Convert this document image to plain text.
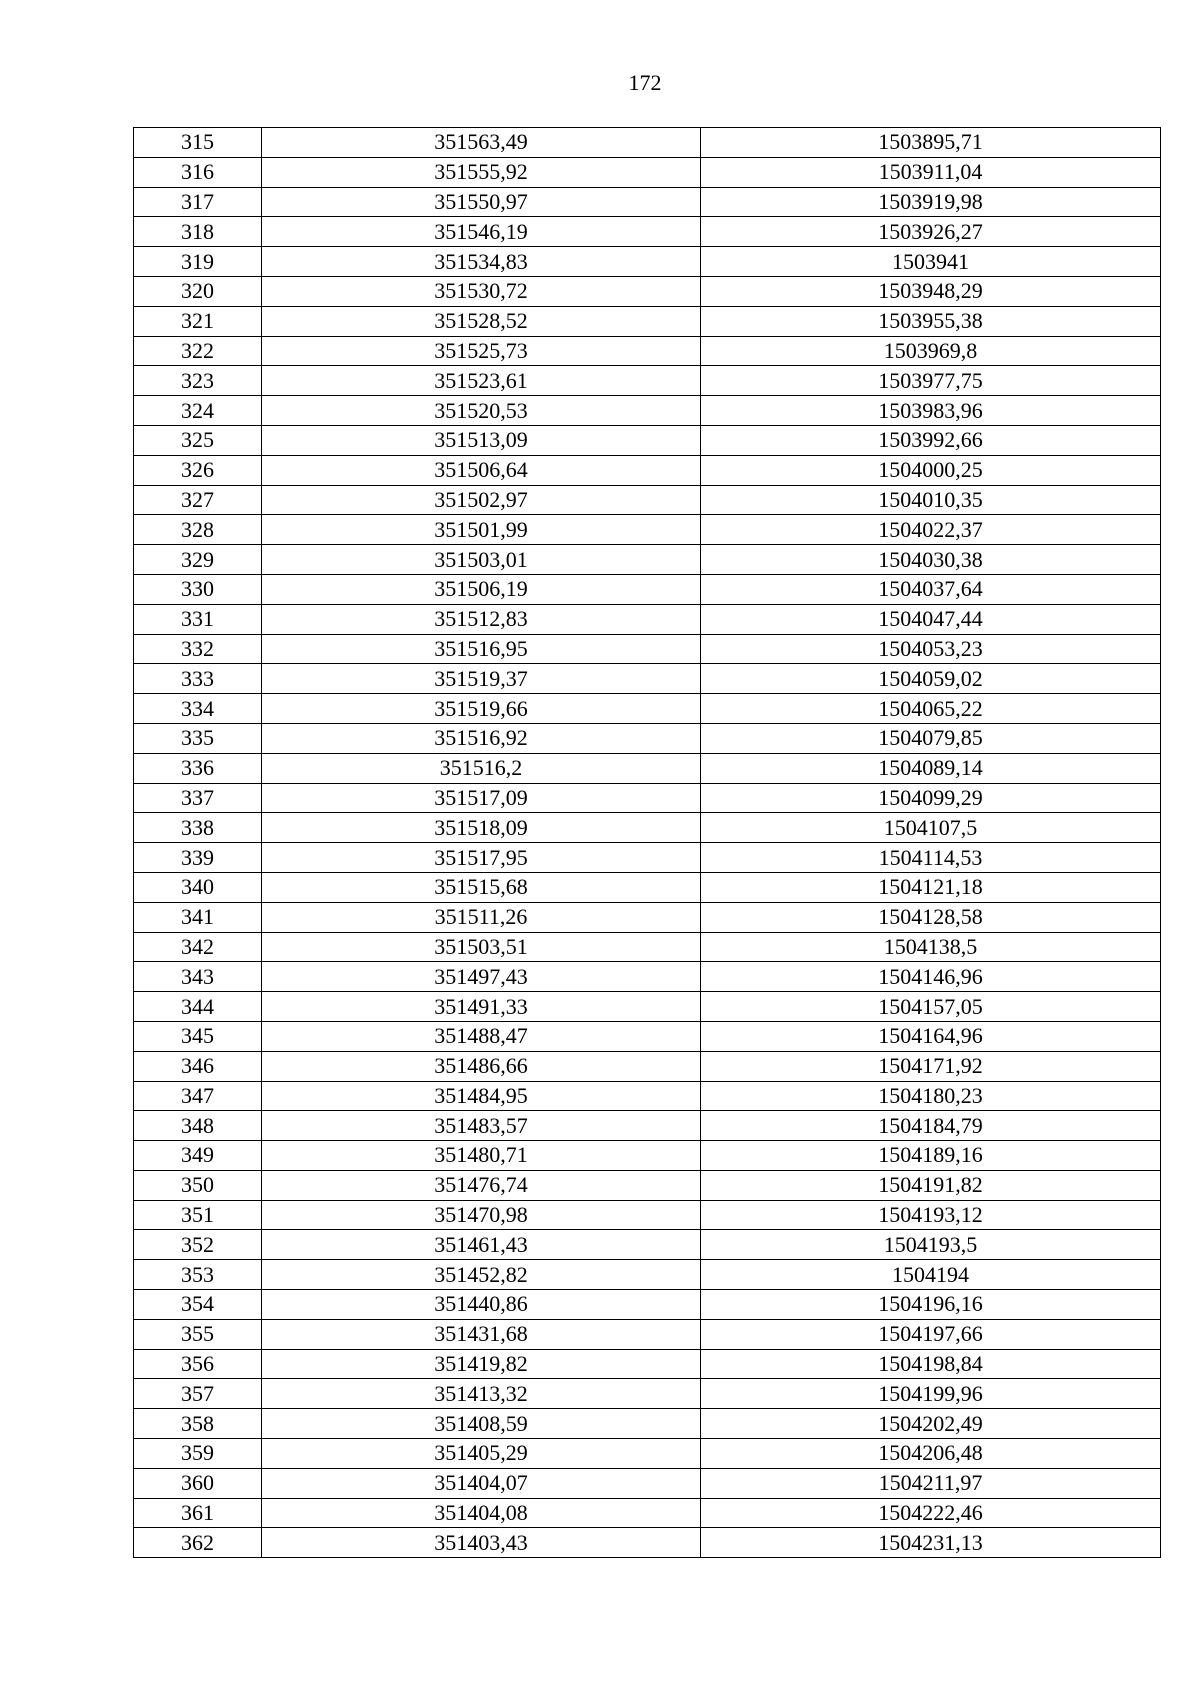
172
315	351563,49	1503895,71
316	351555,92	1503911,04
317	351550,97	1503919,98
318	351546,19	1503926,27
319	351534,83	1503941
320	351530,72	1503948,29
321	351528,52	1503955,38
322	351525,73	1503969,8
323	351523,61	1503977,75
324	351520,53	1503983,96
325	351513,09	1503992,66
326	351506,64	1504000,25
327	351502,97	1504010,35
328	351501,99	1504022,37
329	351503,01	1504030,38
330	351506,19	1504037,64
331	351512,83	1504047,44
332	351516,95	1504053,23
333	351519,37	1504059,02
334	351519,66	1504065,22
335	351516,92	1504079,85
336	351516,2	1504089,14
337	351517,09	1504099,29
338	351518,09	1504107,5
339	351517,95	1504114,53
340	351515,68	1504121,18
341	351511,26	1504128,58
342	351503,51	1504138,5
343	351497,43	1504146,96
344	351491,33	1504157,05
345	351488,47	1504164,96
346	351486,66	1504171,92
347	351484,95	1504180,23
348	351483,57	1504184,79
349	351480,71	1504189,16
350	351476,74	1504191,82
351	351470,98	1504193,12
352	351461,43	1504193,5
353	351452,82	1504194
354	351440,86	1504196,16
355	351431,68	1504197,66
356	351419,82	1504198,84
357	351413,32	1504199,96
358	351408,59	1504202,49
359	351405,29	1504206,48
360	351404,07	1504211,97
361	351404,08	1504222,46
362	351403,43	1504231,13
